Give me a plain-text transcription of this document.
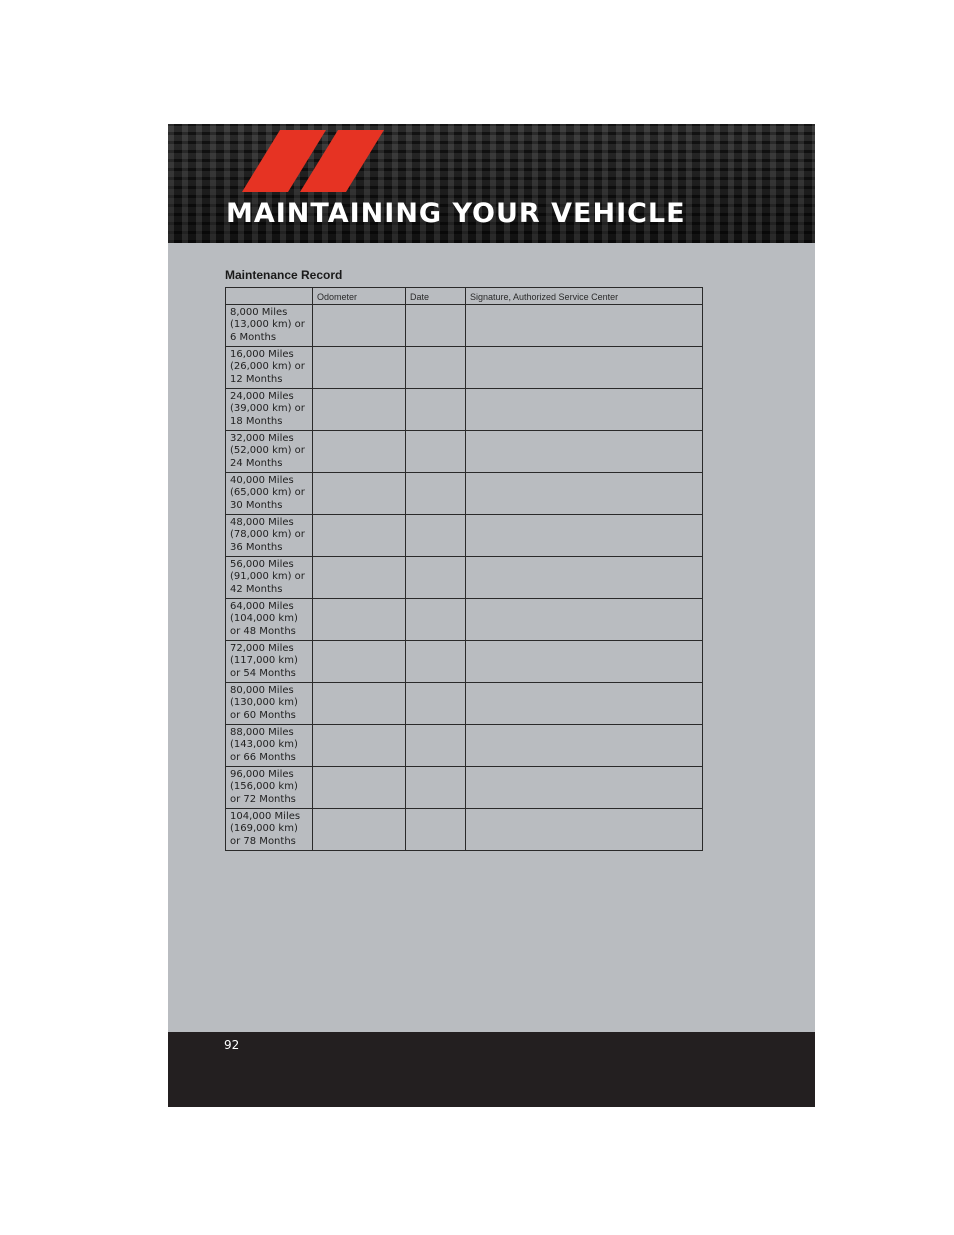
MAINTAINING YOUR VEHICLE
Maintenance Record
	Odometer	Date	Signature, Authorized Service Center

8,000 Miles
(13,000 km) or
6 Months			

16,000 Miles
(26,000 km) or
12 Months			

24,000 Miles
(39,000 km) or
18 Months			

32,000 Miles
(52,000 km) or
24 Months			

40,000 Miles
(65,000 km) or
30 Months			

48,000 Miles
(78,000 km) or
36 Months			

56,000 Miles
(91,000 km) or
42 Months			

64,000 Miles
(104,000 km)
or 48 Months			

72,000 Miles
(117,000 km)
or 54 Months			

80,000 Miles
(130,000 km)
or 60 Months			

88,000 Miles
(143,000 km)
or 66 Months			

96,000 Miles
(156,000 km)
or 72 Months			

104,000 Miles
(169,000 km)
or 78 Months			

92
